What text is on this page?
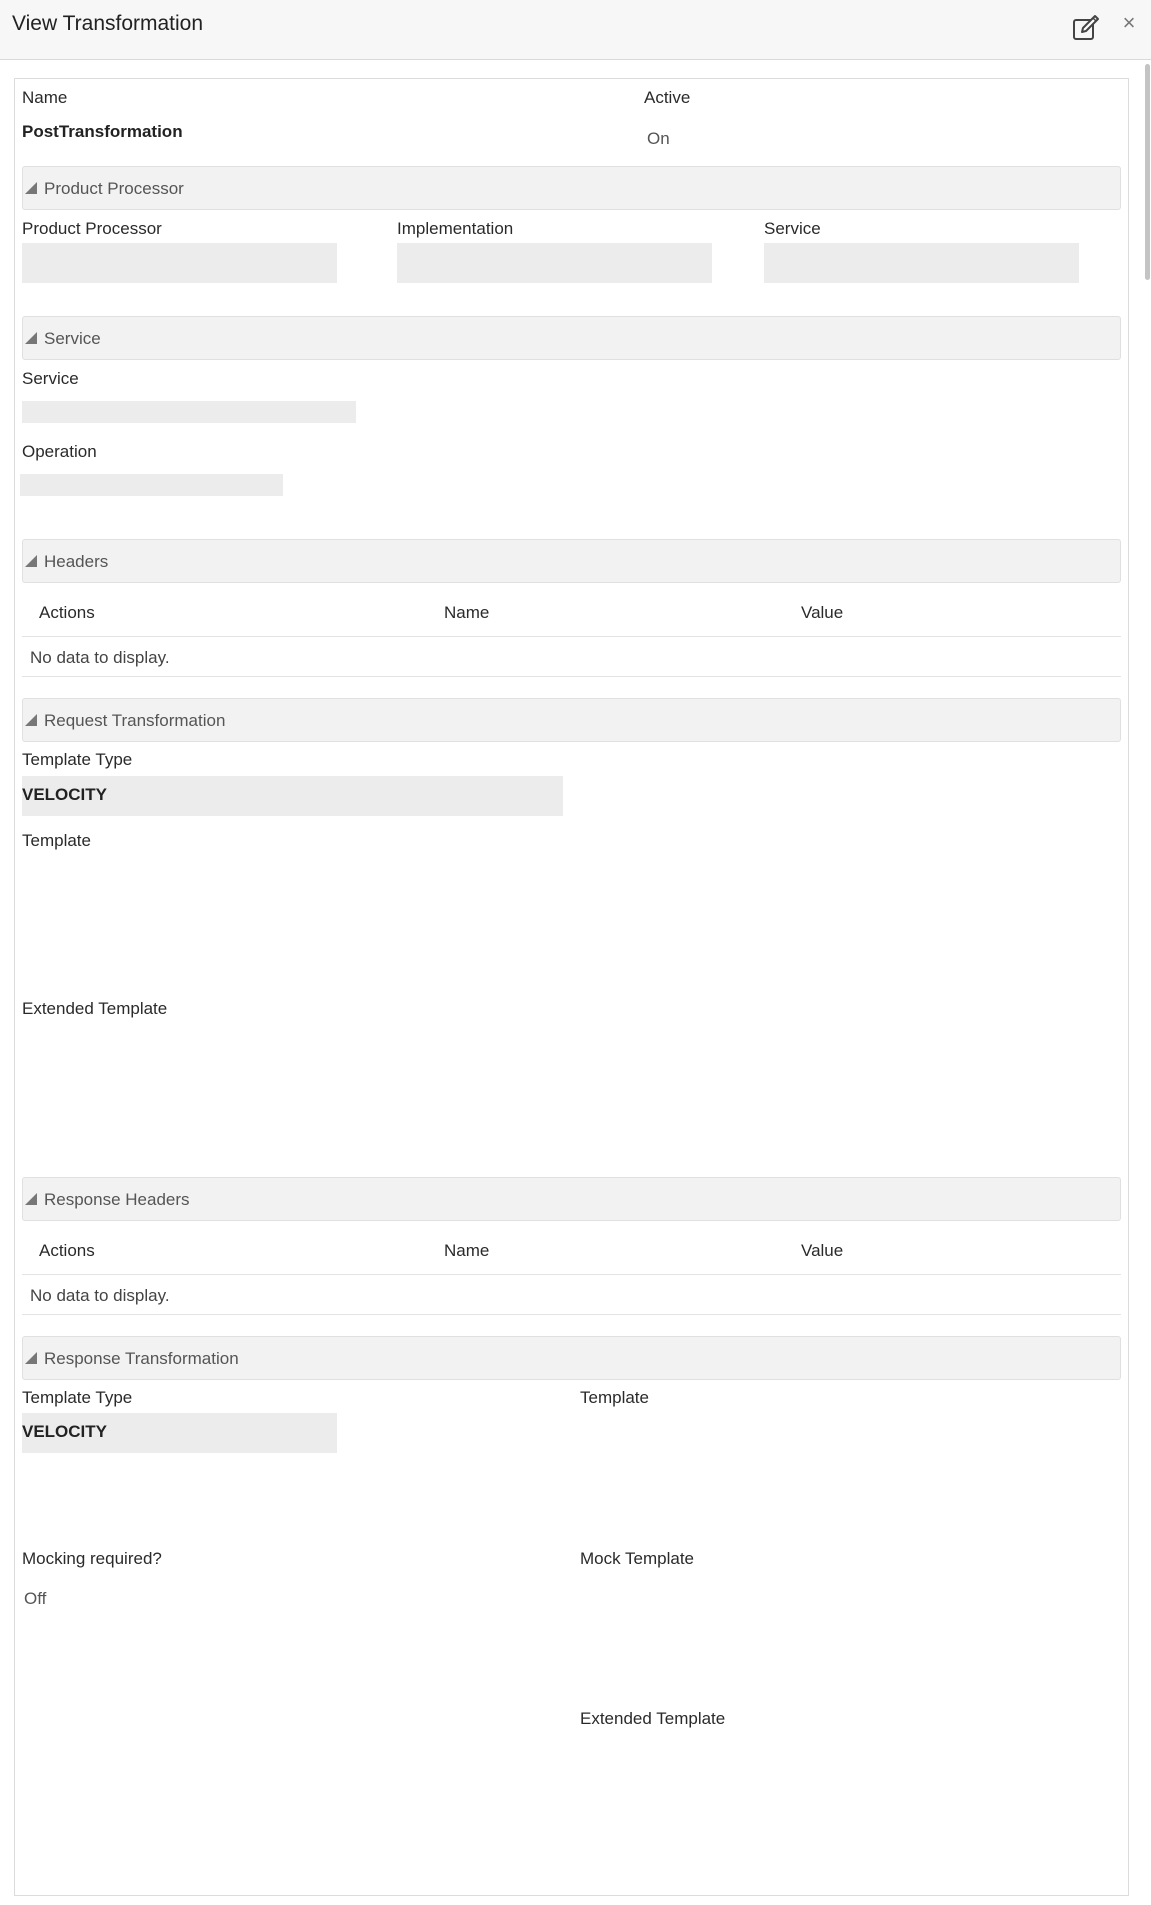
View Transformation	×
Name
PostTransformation
Active
On
Product Processor
Product Processor	Implementation	Service
Service
Service
Operation
Headers
Actions	Name	Value
No data to display.
Request Transformation
Template Type
VELOCITY
Template
Extended Template
Response Headers
Actions	Name	Value
No data to display.
Response Transformation
Template Type
VELOCITY
Template
Mocking required?
Off
Mock Template
Extended Template
